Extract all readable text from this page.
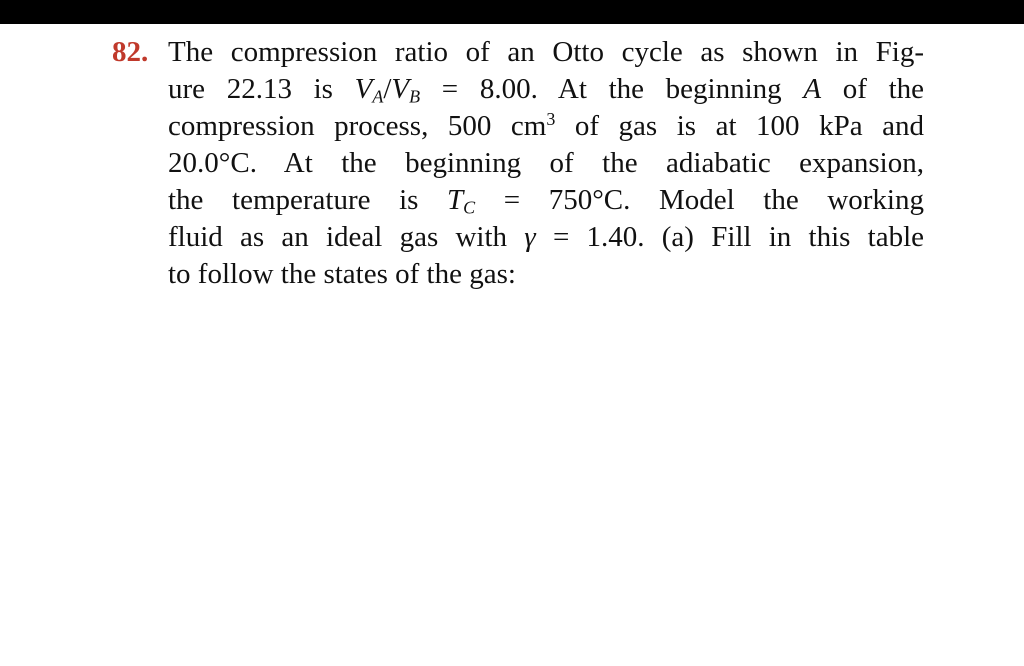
82. The compression ratio of an Otto cycle as shown in Fig-
ure 22.13 is $V_A/V_B = 8.00$. At the beginning A of the
compression process, 500 $cm^3$ of gas is at 100 kPa and
20.0°C. At the beginning of the adiabatic expansion,
the temperature is $T_C = 750^\circ C$. Model the working
fluid as an ideal gas with γ = 1.40. (a) Fill in this table
to follow the states of the gas:
